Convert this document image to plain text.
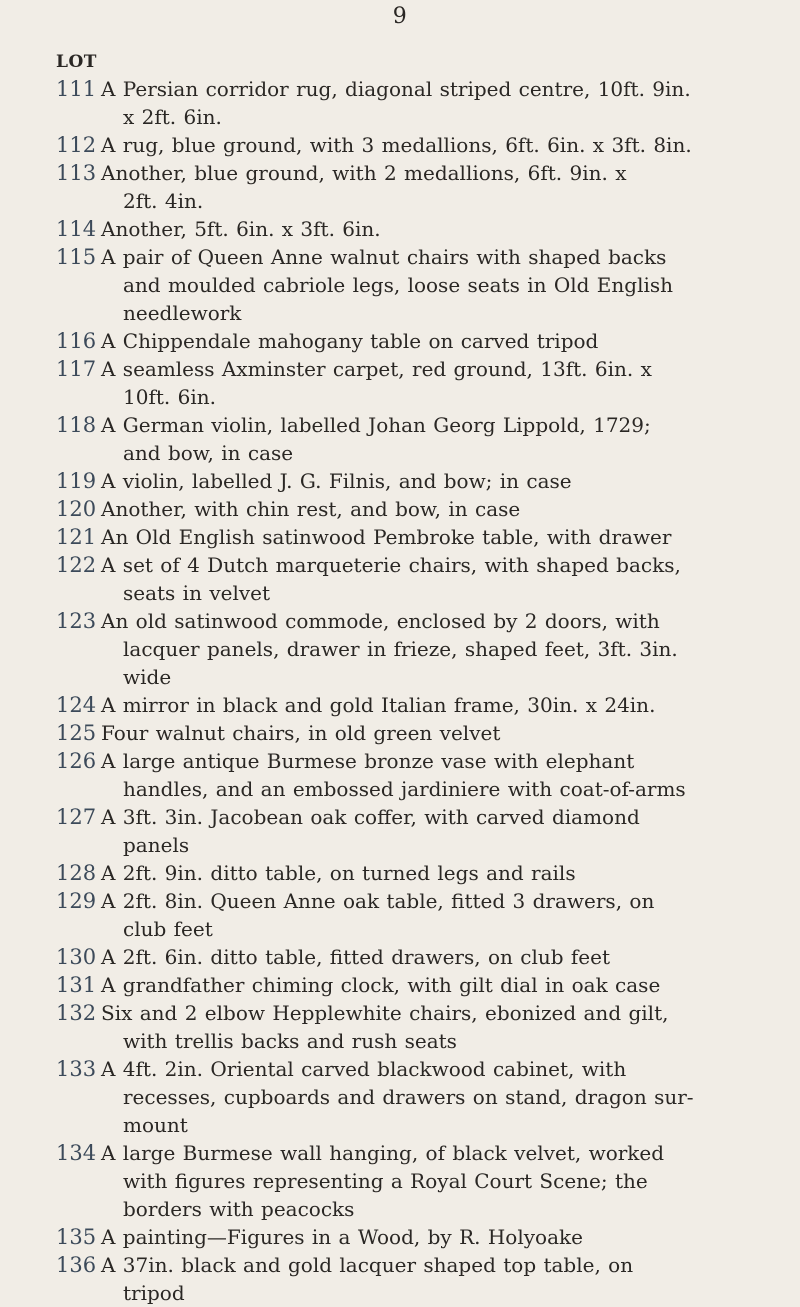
9
LOT
111 A Persian corridor rug, diagonal striped centre, 10ft. 9in.
x 2ft. 6in.
112 A rug, blue ground, with 3 medallions, 6ft. 6in. x 3ft. 8in.
113 Another, blue ground, with 2 medallions, 6ft. 9in. x
2ft. 4in.
114 Another, 5ft. 6in. x 3ft. 6in.
115 A pair of Queen Anne walnut chairs with shaped backs
and moulded cabriole legs, loose seats in Old English
needlework
116 A Chippendale mahogany table on carved tripod
117 A seamless Axminster carpet, red ground, 13ft. 6in. x
10ft. 6in.
118 A German violin, labelled Johan Georg Lippold, 1729;
and bow, in case
119 A violin, labelled J. G. Filnis, and bow; in case
120 Another, with chin rest, and bow, in case
121 An Old English satinwood Pembroke table, with drawer
122 A set of 4 Dutch marqueterie chairs, with shaped backs,
seats in velvet
123 An old satinwood commode, enclosed by 2 doors, with
lacquer panels, drawer in frieze, shaped feet, 3ft. 3in.
wide
124 A mirror in black and gold Italian frame, 30in. x 24in.
125 Four walnut chairs, in old green velvet
126 A large antique Burmese bronze vase with elephant
handles, and an embossed jardiniere with coat-of-arms
127 A 3ft. 3in. Jacobean oak coffer, with carved diamond
panels
128 A 2ft. 9in. ditto table, on turned legs and rails
129 A 2ft. 8in. Queen Anne oak table, fitted 3 drawers, on
club feet
130 A 2ft. 6in. ditto table, fitted drawers, on club feet
131 A grandfather chiming clock, with gilt dial in oak case
132 Six and 2 elbow Hepplewhite chairs, ebonized and gilt,
with trellis backs and rush seats
133 A 4ft. 2in. Oriental carved blackwood cabinet, with
recesses, cupboards and drawers on stand, dragon sur-
mount
134 A large Burmese wall hanging, of black velvet, worked
with figures representing a Royal Court Scene; the
borders with peacocks
135 A painting—Figures in a Wood, by R. Holyoake
136 A 37in. black and gold lacquer shaped top table, on
tripod
